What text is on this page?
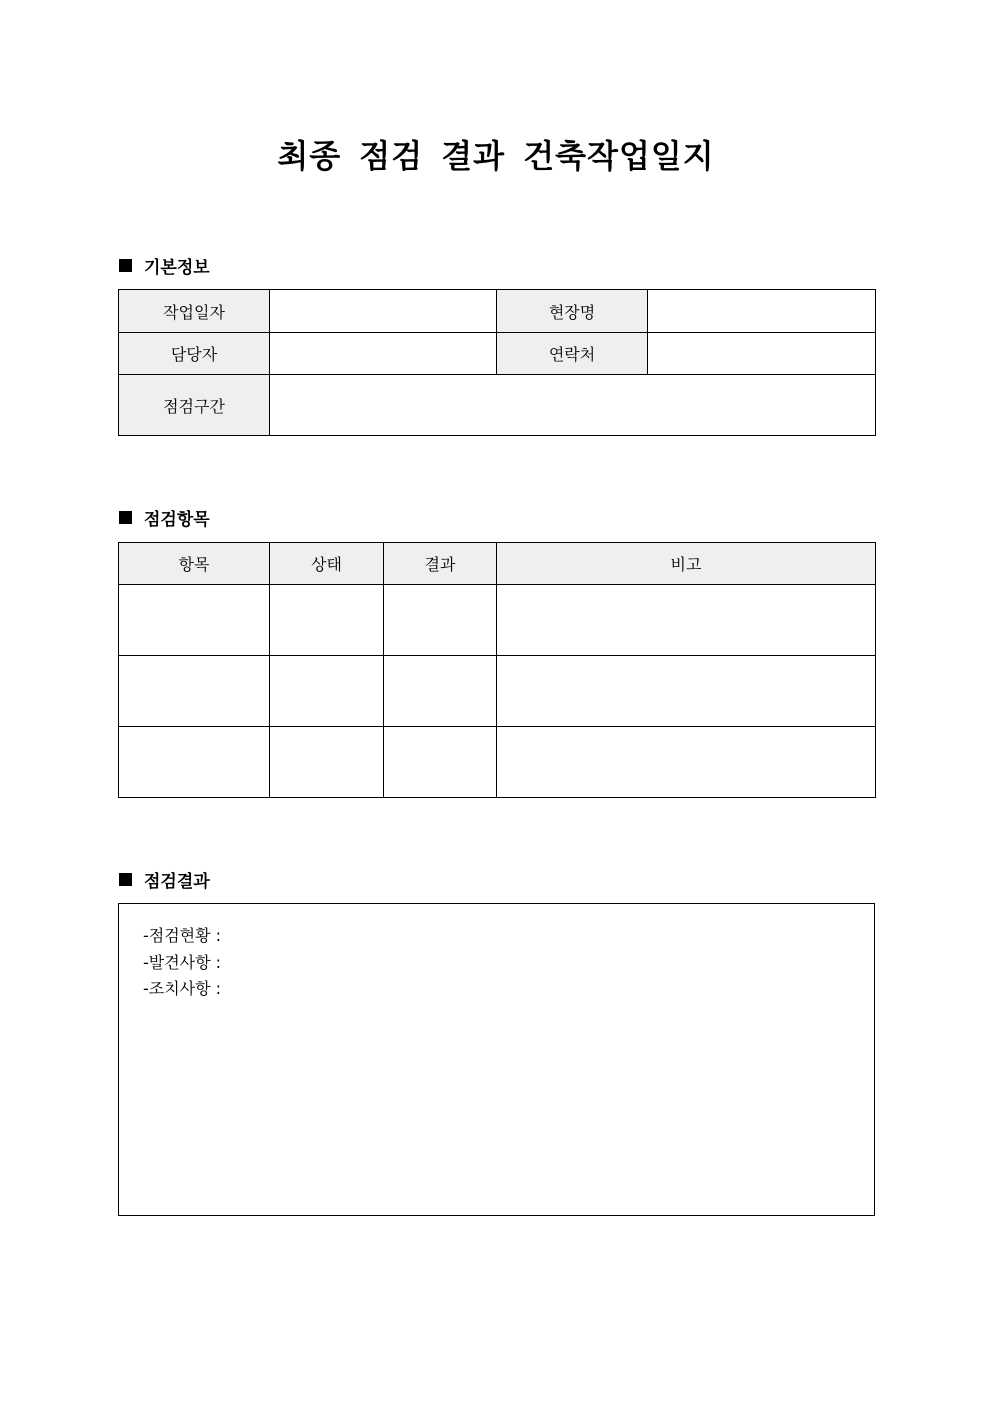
최종 점검 결과 건축작업일지
기본정보
작업일자		현장명	
담당자		연락처	
점검구간			
점검항목
항목	상태	결과	비고

점검결과
-점검현황 :
-발견사항 :
-조치사항 :
